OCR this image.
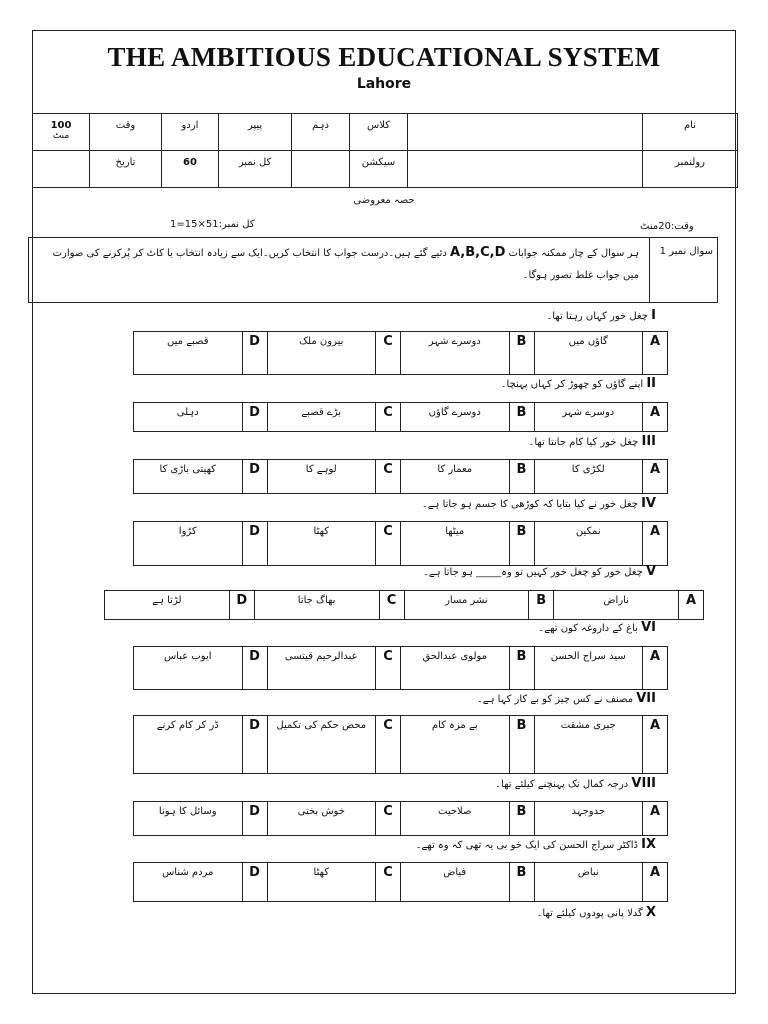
THE AMBITIOUS EDUCATIONAL SYSTEM
Lahore
100
منٹ	وقت	اردو	پیپر	دہم	کلاس		نام
	تاریخ	60	کل نمبر		سیکشن		رولنمبر
حصہ معروضی
وقت:20منٹ
کل نمبر:51×15=1
سوال نمبر 1
ہر سوال کے چار ممکنہ جوابات A,B,C,D دئیے گئے ہیں۔درست جواب کا انتخاب کریں۔ایک سے زیادہ انتخاب یا کاٹ کر پُرکرنے کی صوارت میں جواب غلط تصور ہوگا۔
I چغل خور کہاں رہتا تھا۔
قصبے میں	D	بیرون ملک	C	دوسرے شہر	B	گاؤں میں	A
II اپنے گاؤں کو چھوڑ کر کہاں پہنچا۔
دہلی	D	بڑے قصبے	C	دوسرے گاؤں	B	دوسرے شہر	A
III چغل خور کیا کام جانتا تھا۔
کھیتی باڑی کا	D	لوہے کا	C	معمار کا	B	لکڑی کا	A
IV چغل خور نے کیا بتایا کہ کوڑھی کا جسم ہو جاتا ہے۔
کڑوا	D	کھٹا	C	میٹھا	B	نمکین	A
V چغل خور کو چغل خور کہیں تو وہ_____ ہو جاتا ہے۔
لڑتا ہے	D	بھاگ جاتا	C	نشر مسار	B	ناراض	A
VI باغ کے داروغہ کون تھے۔
ایوب عباس	D	عبدالرحیم قیتسی	C	مولوی عبدالحق	B	سید سراج الحسن	A
VII مصنف نے کس چیز کو بے کار کہا ہے۔
ڈر کر کام کرنے	D	محض حکم کی تکمیل	C	بے مزہ کام	B	جبری مشقت	A
VIII درجہ کمال تک پہنچنے کیلئے تھا۔
وسائل کا ہونا	D	خوش بختی	C	صلاحیت	B	جدوجہد	A
IX ڈاکٹر سراج الحسن کی ایک خو بی یہ تھی کہ وہ تھے۔
مردم شناس	D	کھٹا	C	فیاض	B	نباض	A
X گدلا پانی پودوں کیلئے تھا۔
